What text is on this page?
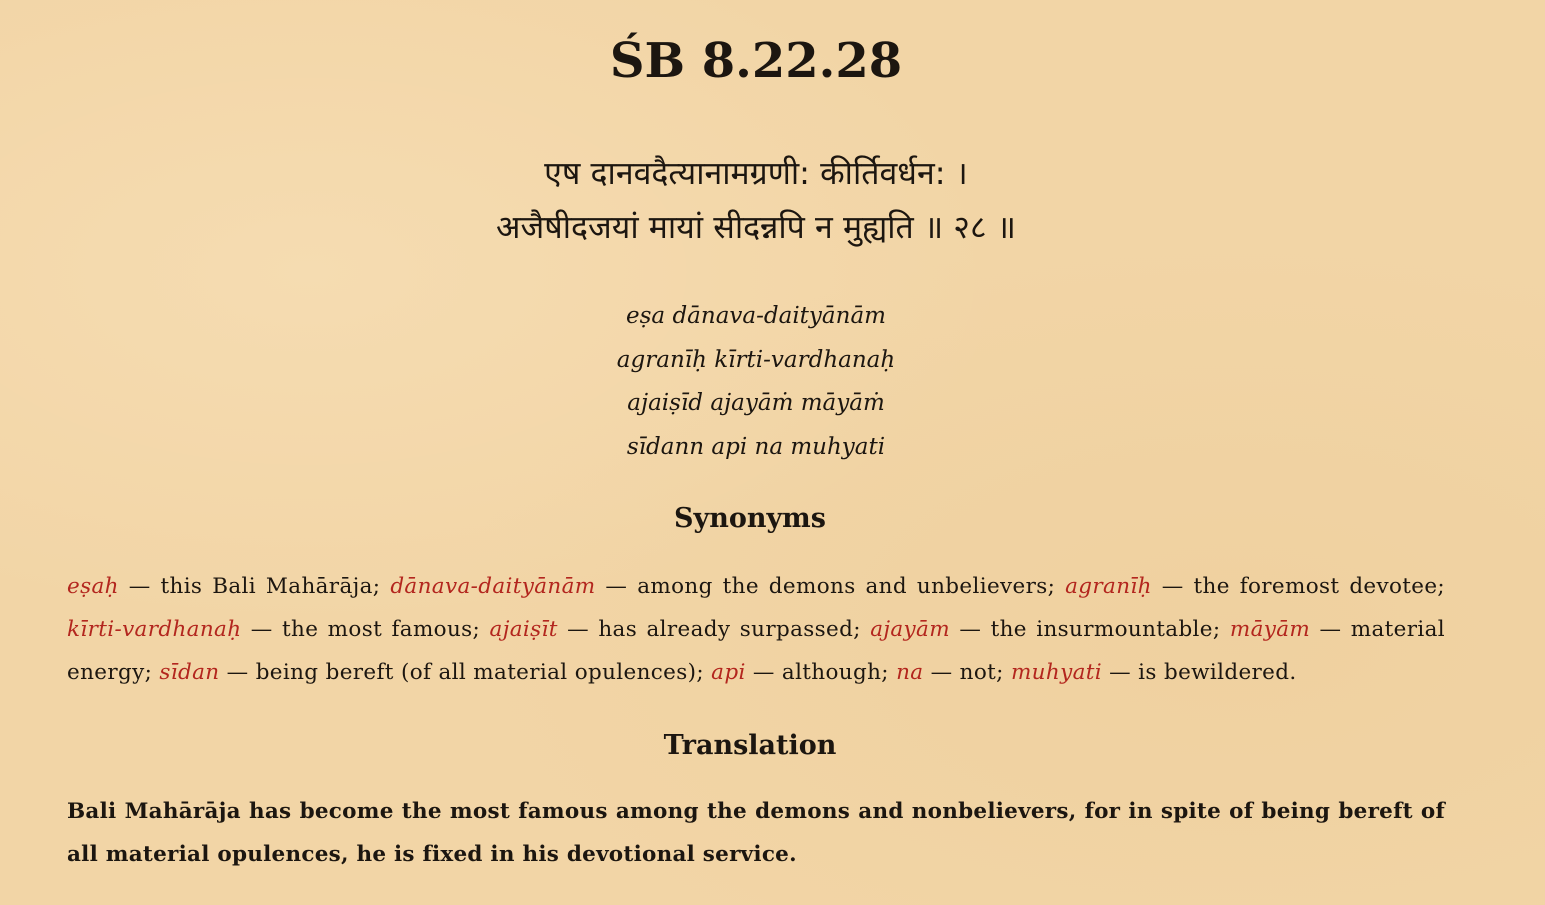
ŚB 8.22.28
एष दानवदैत्यानामग्रणी: कीर्तिवर्धन: ।
अजैषीदजयां मायां सीदन्नपि न मुह्यति ॥ २८ ॥
eṣa dānava-daityānām
agranīḥ kīrti-vardhanaḥ
ajaiṣīd ajayāṁ māyāṁ
sīdann api na muhyati
Synonyms
eṣaḥ — this Bali Mahārāja; dānava-daityānām — among the demons and unbelievers; agranīḥ — the foremost devotee; kīrti-vardhanaḥ — the most famous; ajaiṣīt — has already surpassed; ajayām — the insurmountable; māyām — material energy; sīdan — being bereft (of all material opulences); api — although; na — not; muhyati — is bewildered.
Translation

Bali Mahārāja has become the most famous among the demons and nonbelievers, for in spite of being bereft of all material opulences, he is fixed in his devotional service.
